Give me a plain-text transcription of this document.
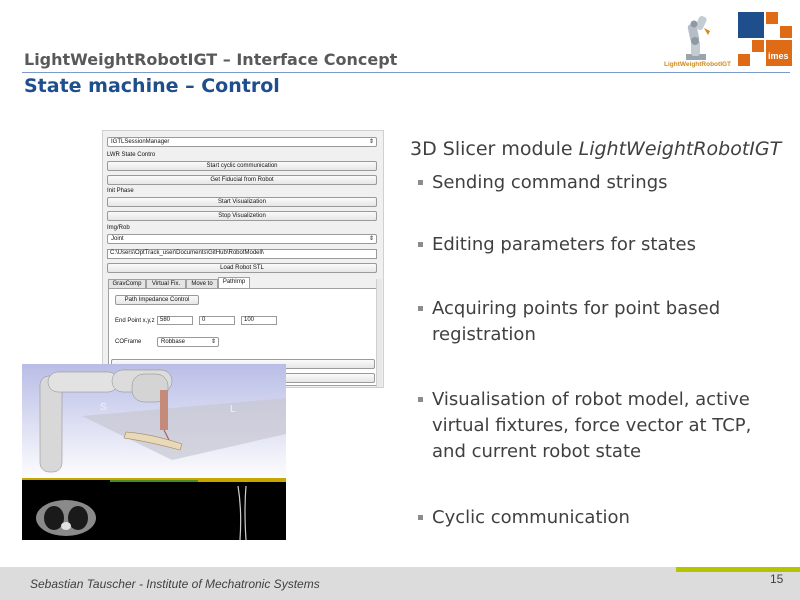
LightWeightRobotIGT – Interface Concept
State machine – Control
LightWeightRobotIGT
imes
IGTLSessionManager	⇕
LWR State Contro
Start cyclic communication
Get Fiducial from Robot
Init Phase
Start Visualization
Stop Visualizetion
Img/Rob
Joint	⇕
C:\Users\OptTrack_user\Documents\GitHub\RobotModell\
Load Robot STL
GravComp	Virtual Fix.	Move to	PathImp
Path Impedance Control
End Point x,y,z 580	0	100
COFrame	Robbase	⇕
S	L
3D Slicer module LightWeightRobotIGT
Sending command strings
Editing parameters for states
Acquiring points for point based registration
Visualisation of robot model, active virtual fixtures, force vector at TCP, and current robot state
Cyclic communication
Sebastian Tauscher - Institute of Mechatronic Systems	15
